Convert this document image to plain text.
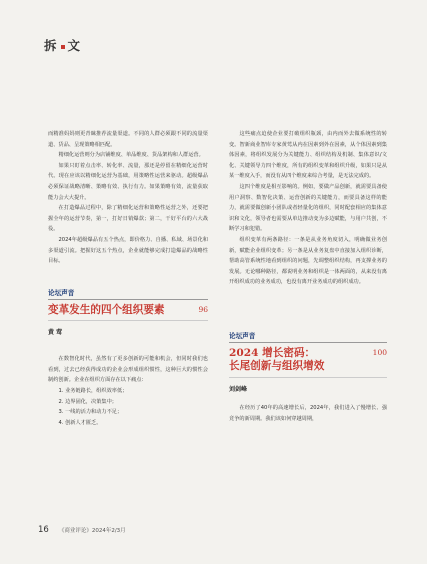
拆 文

而精准妈妈则更青睐推荐流量渠道。不同的人群必须跟不同的流量渠道、货品、呈现策略相匹配。

精细化运营则分为店铺维度、单品维度、货品架构和人群运营。

如果只盯着点击率、转化率、流量，那还是停留在精细化运营时代。现在应该以精细化运营为基础，用策略性运营来驱动。超级爆品必须保证战略清晰、策略有效、执行有力。如果策略有效，流量获取能力会大大提升。

在打造爆品过程中，除了精细化运营和策略性运营之外，还要把握全年的运营节奏，第一，打好日销爆款；第二，干好平台的六大战役。

2024年超级爆品有五个热点，即价格力、自播、私域、场景化和多渠道引流。把握好这五个热点，企业就能够完成打造爆品的战略性目标。

论坛声音

变革发生的四个组织要素	96

黄 莺

在数智化时代，虽然有了更多创新的可能和机会，但同时我们也看到，过去已经获得成功的企业会形成组织惯性，这种巨大的惯性会制约创新。企业在组织方面存在以下痛点：

1. 业务链路长，组织效率低；
2. 边界固化，决策集中；
3. 一线的活力和动力不足；
4. 创新人才匮乏。

这些痛点迫使企业要打破组织瓶颈，由内而外去做系统性的转变。智新商业智库专家黄莺从内在因素到外在因素，从个体因素到集体因素，将组织发展分为关键能力、组织结构及机制、集体意识/文化、关键领导力四个维度，所有的组织变革和组织升级，如果只是从某一维度入手，而没有从四个维度来综合考量，是无法完成的。

这四个维度是相互影响的。例如，要做产品创新，就需要具备使用户洞察、数智化决策、运营创新的关键能力，而要具备这样的能力，就需要做创新小团队或者轻量化的组织，同时配套相应的集体意识和文化，领导者也需要从单边推动变为多边赋能，与用户共创，不断学习和犯错。

组织变革有两条路径：一条是从业务角度切入，明确做业务创新，赋能企业组织变革；另一条是从业务复盘中直接加入组织诊断，帮助高管系统性地看到组织的问题，先调整组织结构，再支撑业务的发展。无论哪种路径，都说明业务和组织是一体两面的，从来没有离开组织成功的业务成功，也没有离开业务成功的组织成功。

论坛声音

2024 增长密码：

长尾创新与组织增效

100

刘剑峰

在经历了40年的高速增长后，2024年，我们进入了慢增长、强竞争的新周期。我们该如何穿越周期，

16 《商业评论》2024年2/3月
